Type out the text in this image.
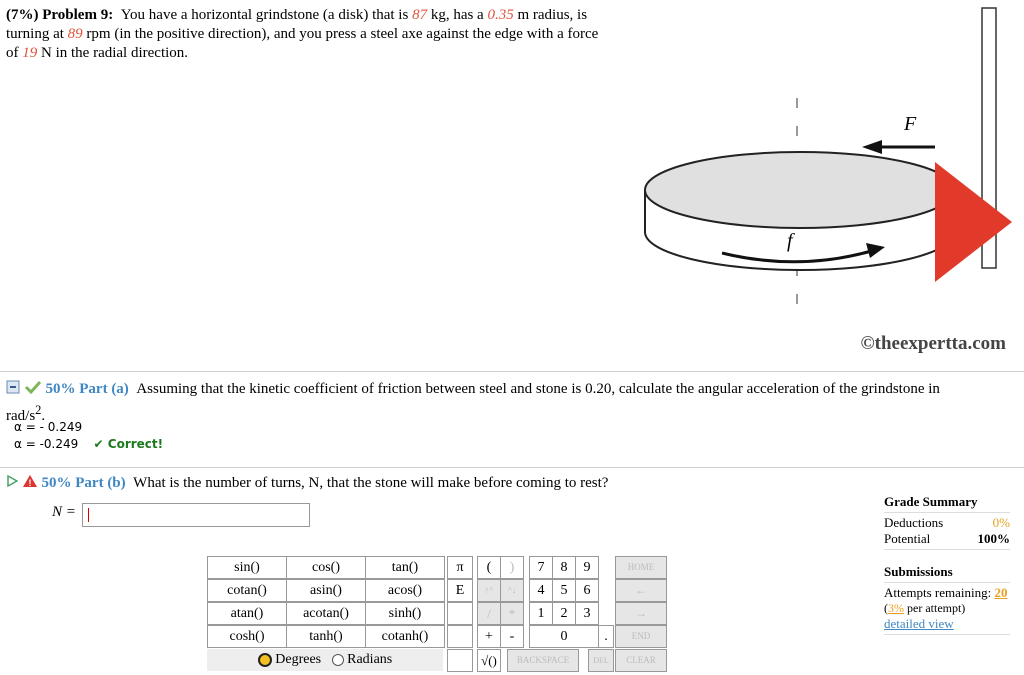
(7%) Problem 9: You have a horizontal grindstone (a disk) that is 87 kg, has a 0.35 m radius, is
turning at 89 rpm (in the positive direction), and you press a steel axe against the edge with a force
of 19 N in the radial direction.
f
F
©theexpertta.com
50% Part (a) Assuming that the kinetic coefficient of friction between steel and stone is 0.20, calculate the angular acceleration of the grindstone in
rad/$s^2$.
α = - 0.249
α = -0.249 ✔ Correct!

! 50% Part (b) What is the number of turns, N, that the stone will make before coming to rest?
N =
sin()	cos()	tan()
cotan()	asin()	acos()
atan()	acotan()	sinh()
cosh()	tanh()	cotanh()
Degrees Radians
π	(	)
E	↑^	^↓
/	*
+	-
√()
7	8	9
4	5	6
1	2	3
0	.
BACKSPACE	DEL
HOME
←
→
END
CLEAR
Grade Summary
Deductions	0%
Potential	100%
Submissions
Attempts remaining: 20
(3% per attempt)
detailed view
